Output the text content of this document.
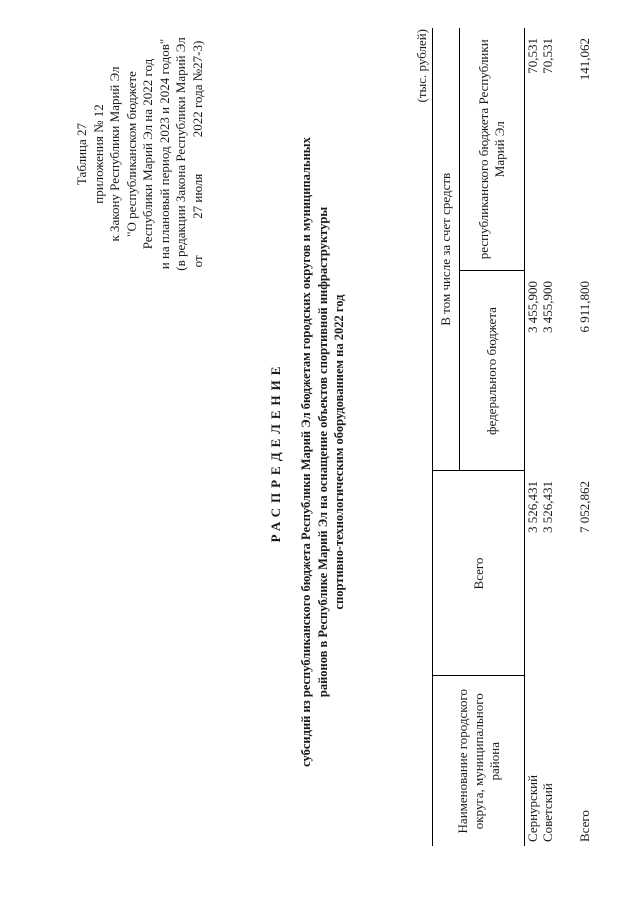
Таблица 27 приложения № 12 к Закону Республики Марий Эл "О республиканском бюджете Республики Марий Эл на 2022 год и на плановый период 2023 и 2024 годов" (в редакции Закона Республики Марий Эл от  27 июля  2022 года №27-3)
РАСПРЕДЕЛЕНИЕ субсидий из республиканского бюджета Республики Марий Эл бюджетам городских округов и муниципальных районов в Республике Марий Эл на оснащение объектов спортивной инфраструктуры спортивно-технологическим оборудованием на 2022 год
(тыс. рублей)
Наименование городского округа, муниципального района	Всего	В том числе за счет средств	
		федерального бюджета	республиканского бюджета Республики Марий Эл
Сернурский	3 526,431	3 455,900	70,531
Советский	3 526,431	3 455,900	70,531

Всего	7 052,862	6 911,800	141,062
